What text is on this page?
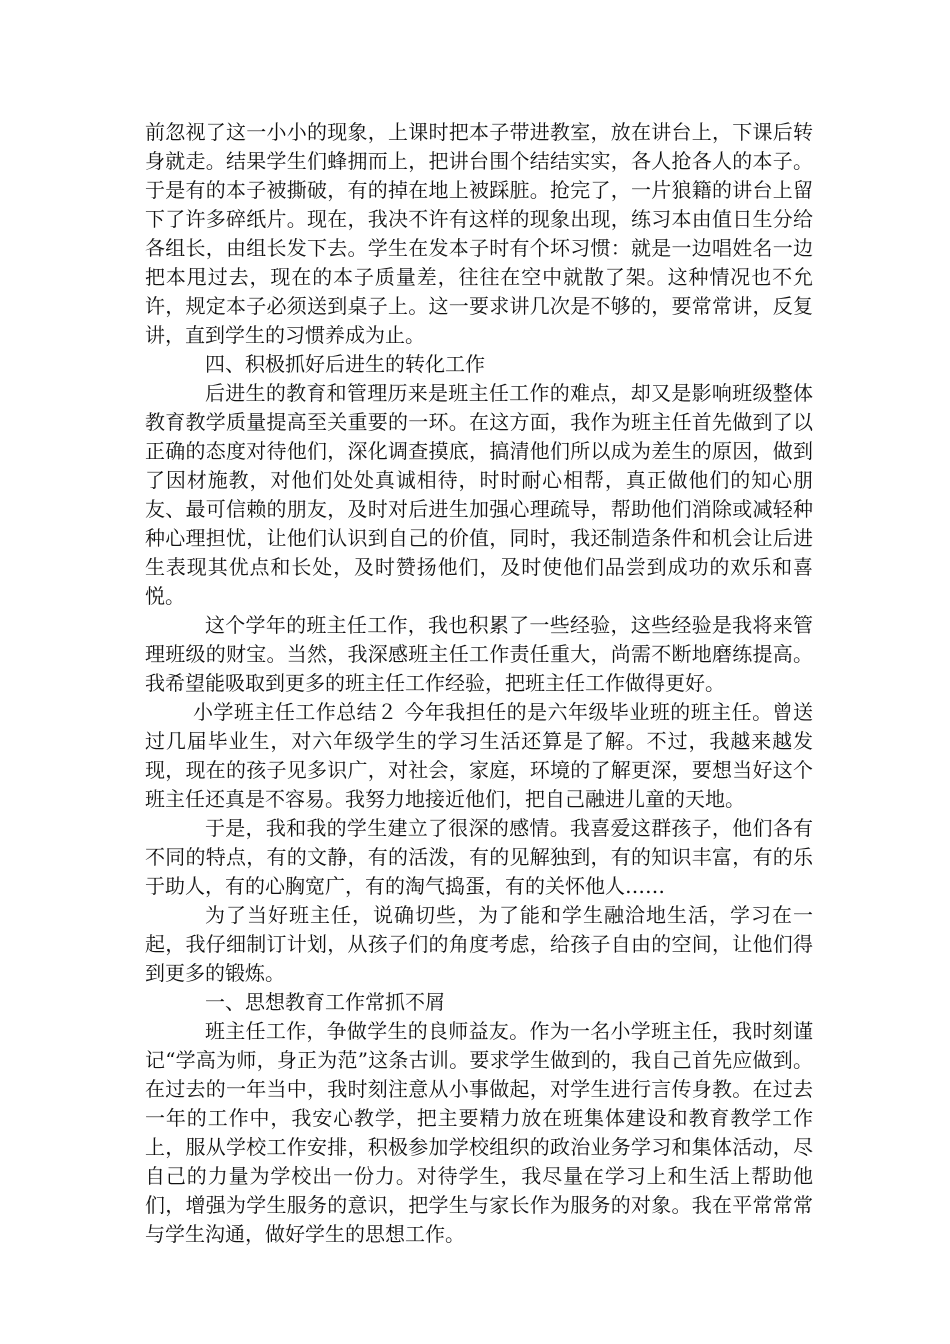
前忽视了这一小小的现象，上课时把本子带进教室，放在讲台上，下课后转身就走。结果学生们蜂拥而上，把讲台围个结结实实，各人抢各人的本子。于是有的本子被撕破，有的掉在地上被踩脏。抢完了，一片狼籍的讲台上留下了许多碎纸片。现在，我决不许有这样的现象出现，练习本由值日生分给各组长，由组长发下去。学生在发本子时有个坏习惯：就是一边唱姓名一边把本甩过去，现在的本子质量差，往往在空中就散了架。这种情况也不允许，规定本子必须送到桌子上。这一要求讲几次是不够的，要常常讲，反复讲，直到学生的习惯养成为止。

四、积极抓好后进生的转化工作

后进生的教育和管理历来是班主任工作的难点，却又是影响班级整体教育教学质量提高至关重要的一环。在这方面，我作为班主任首先做到了以正确的态度对待他们，深化调查摸底，搞清他们所以成为差生的原因，做到了因材施教，对他们处处真诚相待，时时耐心相帮，真正做他们的知心朋友、最可信赖的朋友，及时对后进生加强心理疏导，帮助他们消除或减轻种种心理担忧，让他们认识到自己的价值，同时，我还制造条件和机会让后进生表现其优点和长处，及时赞扬他们，及时使他们品尝到成功的欢乐和喜悦。

这个学年的班主任工作，我也积累了一些经验，这些经验是我将来管理班级的财宝。当然，我深感班主任工作责任重大，尚需不断地磨练提高。我希望能吸取到更多的班主任工作经验，把班主任工作做得更好。

小学班主任工作总结２ 今年我担任的是六年级毕业班的班主任。曾送过几届毕业生，对六年级学生的学习生活还算是了解。不过，我越来越发现，现在的孩子见多识广，对社会，家庭，环境的了解更深，要想当好这个班主任还真是不容易。我努力地接近他们，把自己融进儿童的天地。

于是，我和我的学生建立了很深的感情。我喜爱这群孩子，他们各有不同的特点，有的文静，有的活泼，有的见解独到，有的知识丰富，有的乐于助人，有的心胸宽广，有的淘气捣蛋，有的关怀他人……

为了当好班主任，说确切些，为了能和学生融洽地生活，学习在一起，我仔细制订计划，从孩子们的角度考虑，给孩子自由的空间，让他们得到更多的锻炼。

一、思想教育工作常抓不屑

班主任工作，争做学生的良师益友。作为一名小学班主任，我时刻谨记“学高为师，身正为范”这条古训。要求学生做到的，我自己首先应做到。在过去的一年当中，我时刻注意从小事做起，对学生进行言传身教。在过去一年的工作中，我安心教学，把主要精力放在班集体建设和教育教学工作上，服从学校工作安排，积极参加学校组织的政治业务学习和集体活动，尽自己的力量为学校出一份力。对待学生，我尽量在学习上和生活上帮助他们，增强为学生服务的意识，把学生与家长作为服务的对象。我在平常常常与学生沟通，做好学生的思想工作。
